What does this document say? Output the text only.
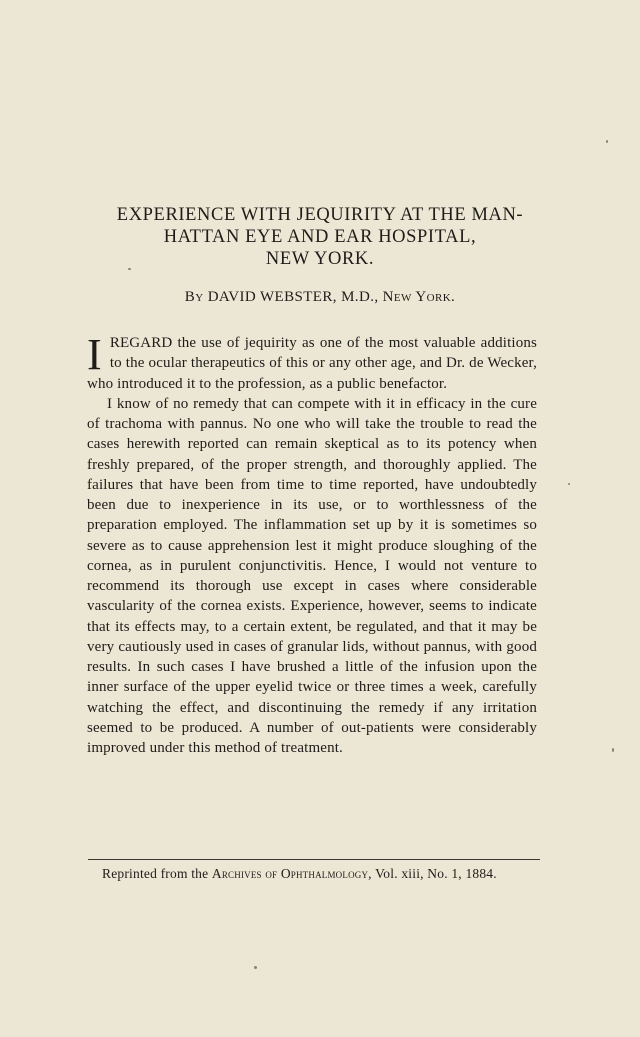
EXPERIENCE WITH JEQUIRITY AT THE MAN-
HATTAN EYE AND EAR HOSPITAL,
NEW YORK.
By DAVID WEBSTER, M.D., New York.

IREGARD the use of jequirity as one of the most valuable additions to the ocular therapeutics of this or any other age, and Dr. de Wecker, who introduced it to the profession, as a public benefactor.

I know of no remedy that can compete with it in efficacy in the cure of trachoma with pannus. No one who will take the trouble to read the cases herewith reported can remain skeptical as to its potency when freshly prepared, of the proper strength, and thoroughly applied. The failures that have been from time to time reported, have undoubtedly been due to inexperience in its use, or to worthlessness of the preparation employed. The inflammation set up by it is sometimes so severe as to cause apprehension lest it might produce sloughing of the cornea, as in purulent conjunctivitis. Hence, I would not venture to recommend its thorough use except in cases where considerable vascularity of the cornea exists. Experience, however, seems to indicate that its effects may, to a certain extent, be regulated, and that it may be very cautiously used in cases of granular lids, without pannus, with good results. In such cases I have brushed a little of the infusion upon the inner surface of the upper eyelid twice or three times a week, carefully watching the effect, and discontinuing the remedy if any irritation seemed to be produced. A number of out-patients were considerably improved under this method of treatment.

Reprinted from the Archives of Ophthalmology, Vol. xiii, No. 1, 1884.
